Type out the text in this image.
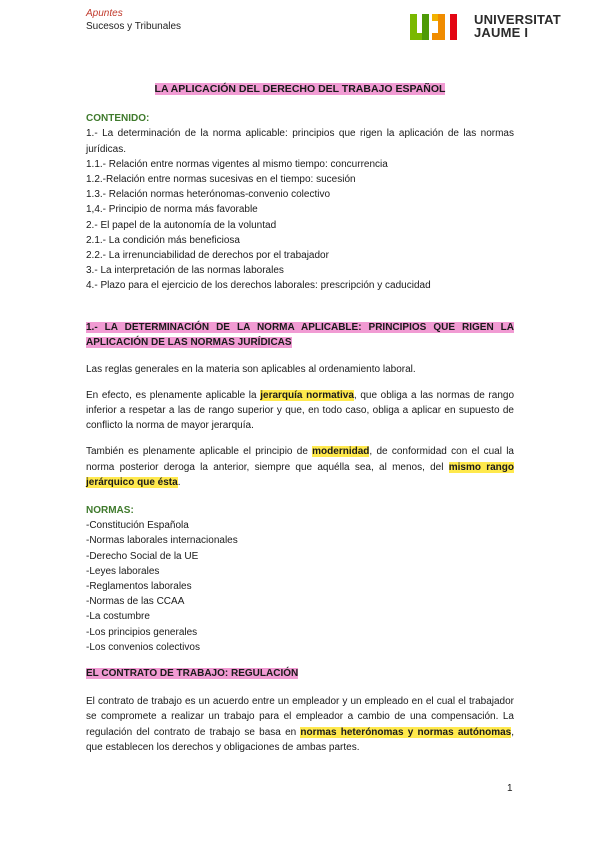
Apuntes
Sucesos y Tribunales	UNIVERSITAT
JAUME I
LA APLICACIÓN DEL DERECHO DEL TRABAJO ESPAÑOL
CONTENIDO:
1.- La determinación de la norma aplicable: principios que rigen la aplicación de las normas jurídicas.
1.1.- Relación entre normas vigentes al mismo tiempo: concurrencia
1.2.-Relación entre normas sucesivas en el tiempo: sucesión
1.3.- Relación normas heterónomas-convenio colectivo
1,4.- Principio de norma más favorable
2.- El papel de la autonomía de la voluntad
2.1.- La condición más beneficiosa
2.2.- La irrenunciabilidad de derechos por el trabajador
3.- La interpretación de las normas laborales
4.- Plazo para el ejercicio de los derechos laborales: prescripción y caducidad
1.- LA DETERMINACIÓN DE LA NORMA APLICABLE: PRINCIPIOS QUE RIGEN LA APLICACIÓN DE LAS NORMAS JURÍDICAS

Las reglas generales en la materia son aplicables al ordenamiento laboral.

En efecto, es plenamente aplicable la jerarquía normativa, que obliga a las normas de rango inferior a respetar a las de rango superior y que, en todo caso, obliga a aplicar en supuesto de conflicto la norma de mayor jerarquía.

También es plenamente aplicable el principio de modernidad, de conformidad con el cual la norma posterior deroga la anterior, siempre que aquélla sea, al menos, del mismo rango jerárquico que ésta.

NORMAS:
-Constitución Española
-Normas laborales internacionales
-Derecho Social de la UE
-Leyes laborales
-Reglamentos laborales
-Normas de las CCAA
-La costumbre
-Los principios generales
-Los convenios colectivos
EL CONTRATO DE TRABAJO: REGULACIÓN

El contrato de trabajo es un acuerdo entre un empleador y un empleado en el cual el trabajador se compromete a realizar un trabajo para el empleador a cambio de una compensación. La regulación del contrato de trabajo se basa en normas heterónomas y normas autónomas, que establecen los derechos y obligaciones de ambas partes.

1
